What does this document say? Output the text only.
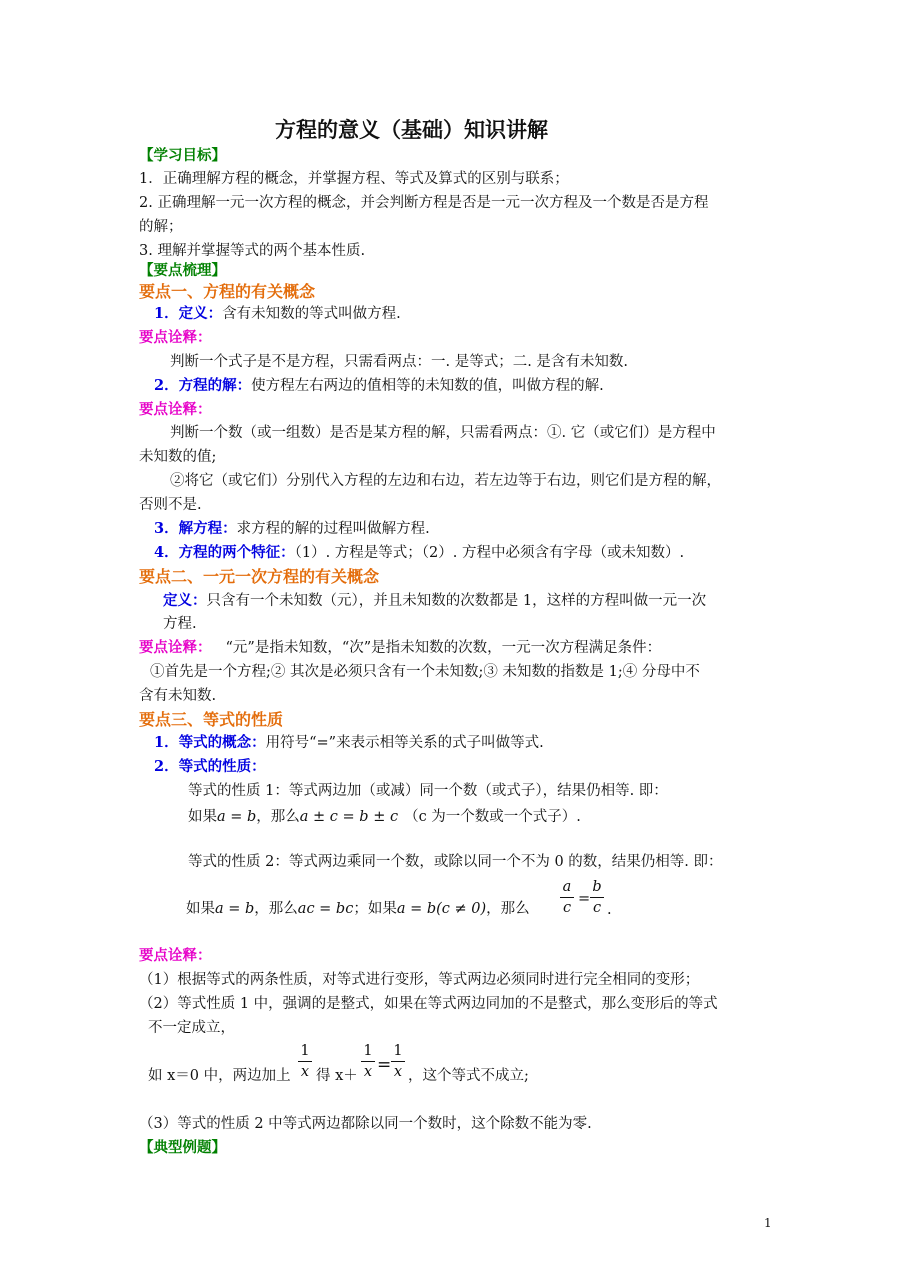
方程的意义（基础）知识讲解
【学习目标】
1．正确理解方程的概念，并掌握方程、等式及算式的区别与联系；
2. 正确理解一元一次方程的概念，并会判断方程是否是一元一次方程及一个数是否是方程
的解；
3. 理解并掌握等式的两个基本性质.
【要点梳理】
要点一、方程的有关概念
1．定义：含有未知数的等式叫做方程.
要点诠释：
判断一个式子是不是方程，只需看两点：一. 是等式；二. 是含有未知数.
2．方程的解：使方程左右两边的值相等的未知数的值，叫做方程的解.
要点诠释：
判断一个数（或一组数）是否是某方程的解，只需看两点：①. 它（或它们）是方程中
未知数的值;
②将它（或它们）分别代入方程的左边和右边，若左边等于右边，则它们是方程的解，
否则不是.
3．解方程：求方程的解的过程叫做解方程.
4．方程的两个特征：（1）. 方程是等式；（2）. 方程中必须含有字母（或未知数）.
要点二、一元一次方程的有关概念
定义：只含有一个未知数（元），并且未知数的次数都是 1，这样的方程叫做一元一次
方程.
要点诠释： “元”是指未知数，“次”是指未知数的次数，一元一次方程满足条件：
①首先是一个方程;② 其次是必须只含有一个未知数;③ 未知数的指数是 1;④ 分母中不
含有未知数.
要点三、等式的性质
1．等式的概念：用符号“=”来表示相等关系的式子叫做等式.
2．等式的性质：
等式的性质 1：等式两边加（或减）同一个数（或式子），结果仍相等. 即：
如果a = b，那么a ± c = b ± c （c 为一个数或一个式子）.
等式的性质 2：等式两边乘同一个数，或除以同一个不为 0 的数，结果仍相等. 即：
如果a = b，那么ac = bc；如果a = b(c ≠ 0)，那么
a
c
=
b
c .
要点诠释：
（1）根据等式的两条性质，对等式进行变形，等式两边必须同时进行完全相同的变形；
（2）等式性质 1 中，强调的是整式，如果在等式两边同加的不是整式，那么变形后的等式
不一定成立，
如 x＝0 中，两边加上
1
x 得 x＋
1
x =
1
x ，这个等式不成立;
（3）等式的性质 2 中等式两边都除以同一个数时，这个除数不能为零.
【典型例题】
1
